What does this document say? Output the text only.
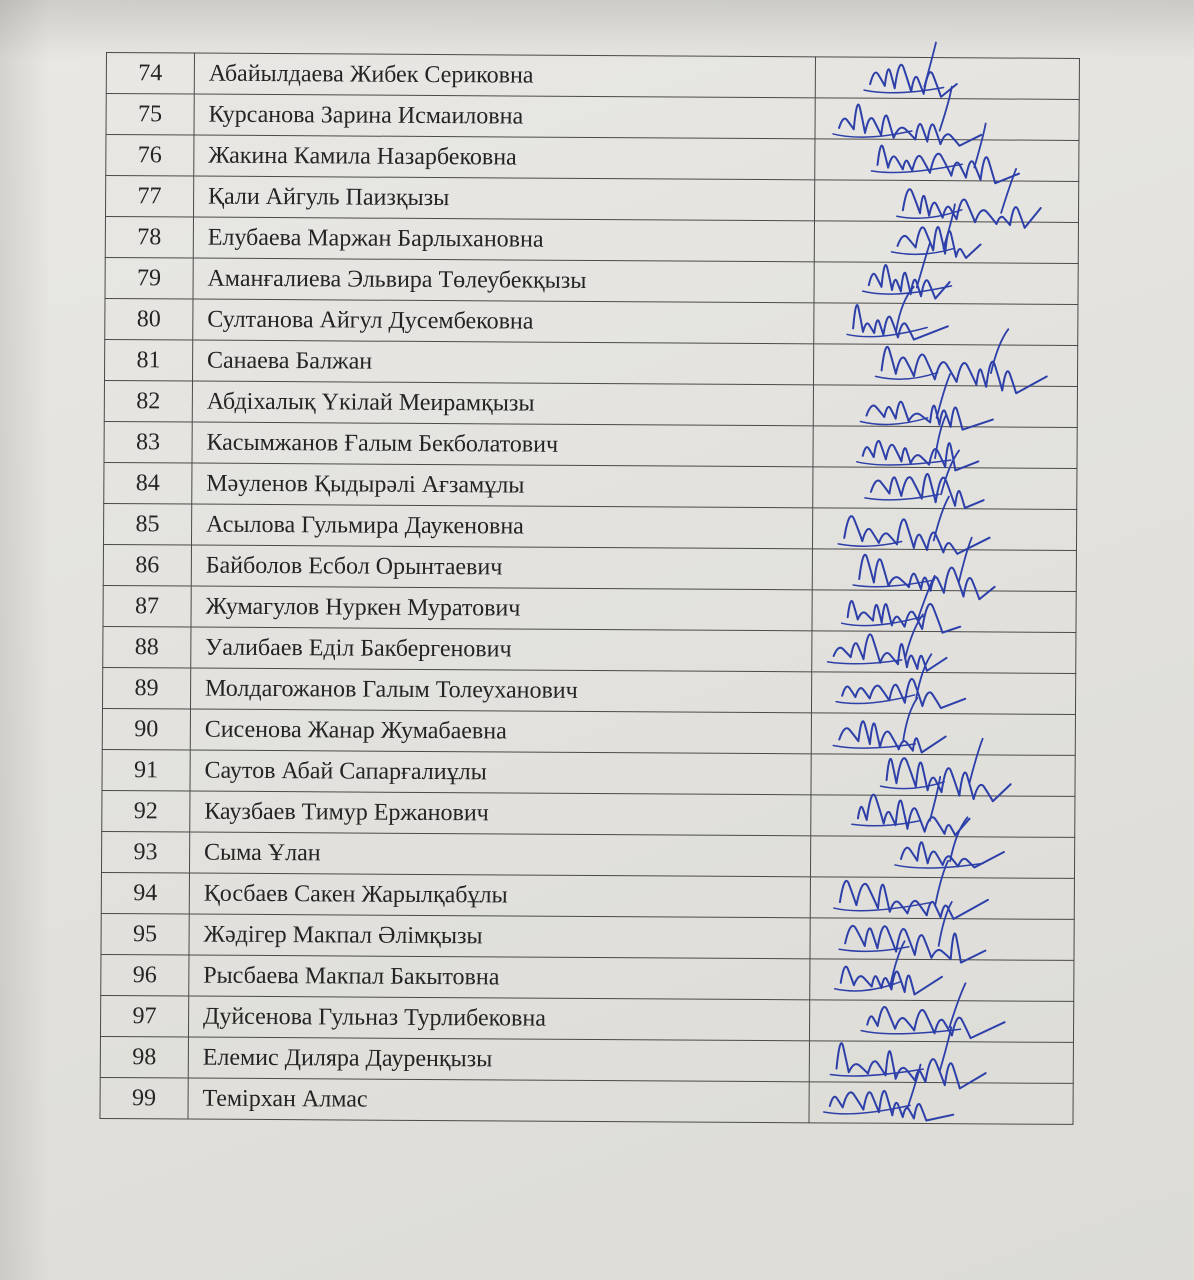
74	Абайылдаева Жибек Сериковна	

75	Курсанова Зарина Исмаиловна	

76	Жакина Камила Назарбековна	

77	Қали Айгуль Паизқызы	

78	Елубаева Маржан Барлыхановна	

79	Аманғалиева Эльвира Төлеубекқызы	

80	Султанова Айгул Дусембековна	

81	Санаева Балжан	

82	Абдіхалық Үкілай Меирамқызы	

83	Касымжанов Ғалым Бекболатович	

84	Мәуленов Қыдырәлі Ағзамұлы	

85	Асылова Гульмира Даукеновна	

86	Байболов Есбол Орынтаевич	

87	Жумагулов Нуркен Муратович	

88	Уалибаев Еділ Бакбергенович	

89	Молдагожанов Галым Толеуханович	

90	Сисенова Жанар Жумабаевна	

91	Саутов Абай Сапарғалиұлы	

92	Каузбаев Тимур Ержанович	

93	Сыма Ұлан	

94	Қосбаев Сакен Жарылқабұлы	

95	Жәдігер Макпал Әлімқызы	

96	Рысбаева Макпал Бакытовна	

97	Дуйсенова Гульназ Турлибековна	

98	Елемис Диляра Дауренқызы	

99	Темірхан Алмас	
